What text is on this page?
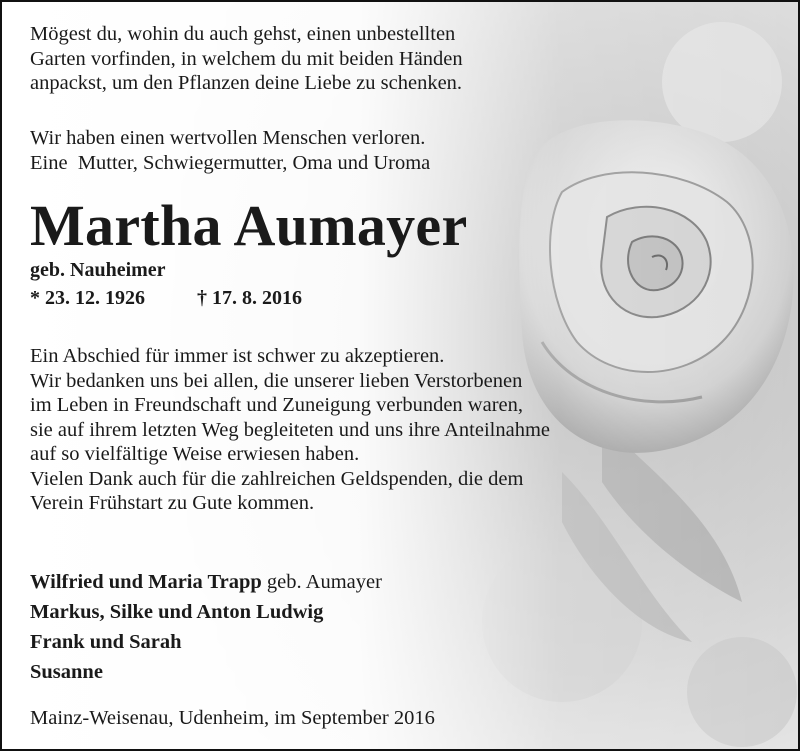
Mögest du, wohin du auch gehst, einen unbestellten
Garten vorfinden, in welchem du mit beiden Händen
anpackst, um den Pflanzen deine Liebe zu schenken.
Wir haben einen wertvollen Menschen verloren.
Eine  Mutter, Schwiegermutter, Oma und Uroma
Martha Aumayer
geb. Nauheimer
* 23. 12. 1926	† 17. 8. 2016
Ein Abschied für immer ist schwer zu akzeptieren.
Wir bedanken uns bei allen, die unserer lieben Verstorbenen
im Leben in Freundschaft und Zuneigung verbunden waren,
sie auf ihrem letzten Weg begleiteten und uns ihre Anteilnahme
auf so vielfältige Weise erwiesen haben.
Vielen Dank auch für die zahlreichen Geldspenden, die dem
Verein Frühstart zu Gute kommen.
Wilfried und Maria Trapp geb. Aumayer
Markus, Silke und Anton Ludwig
Frank und Sarah
Susanne
Mainz-Weisenau, Udenheim, im September 2016
